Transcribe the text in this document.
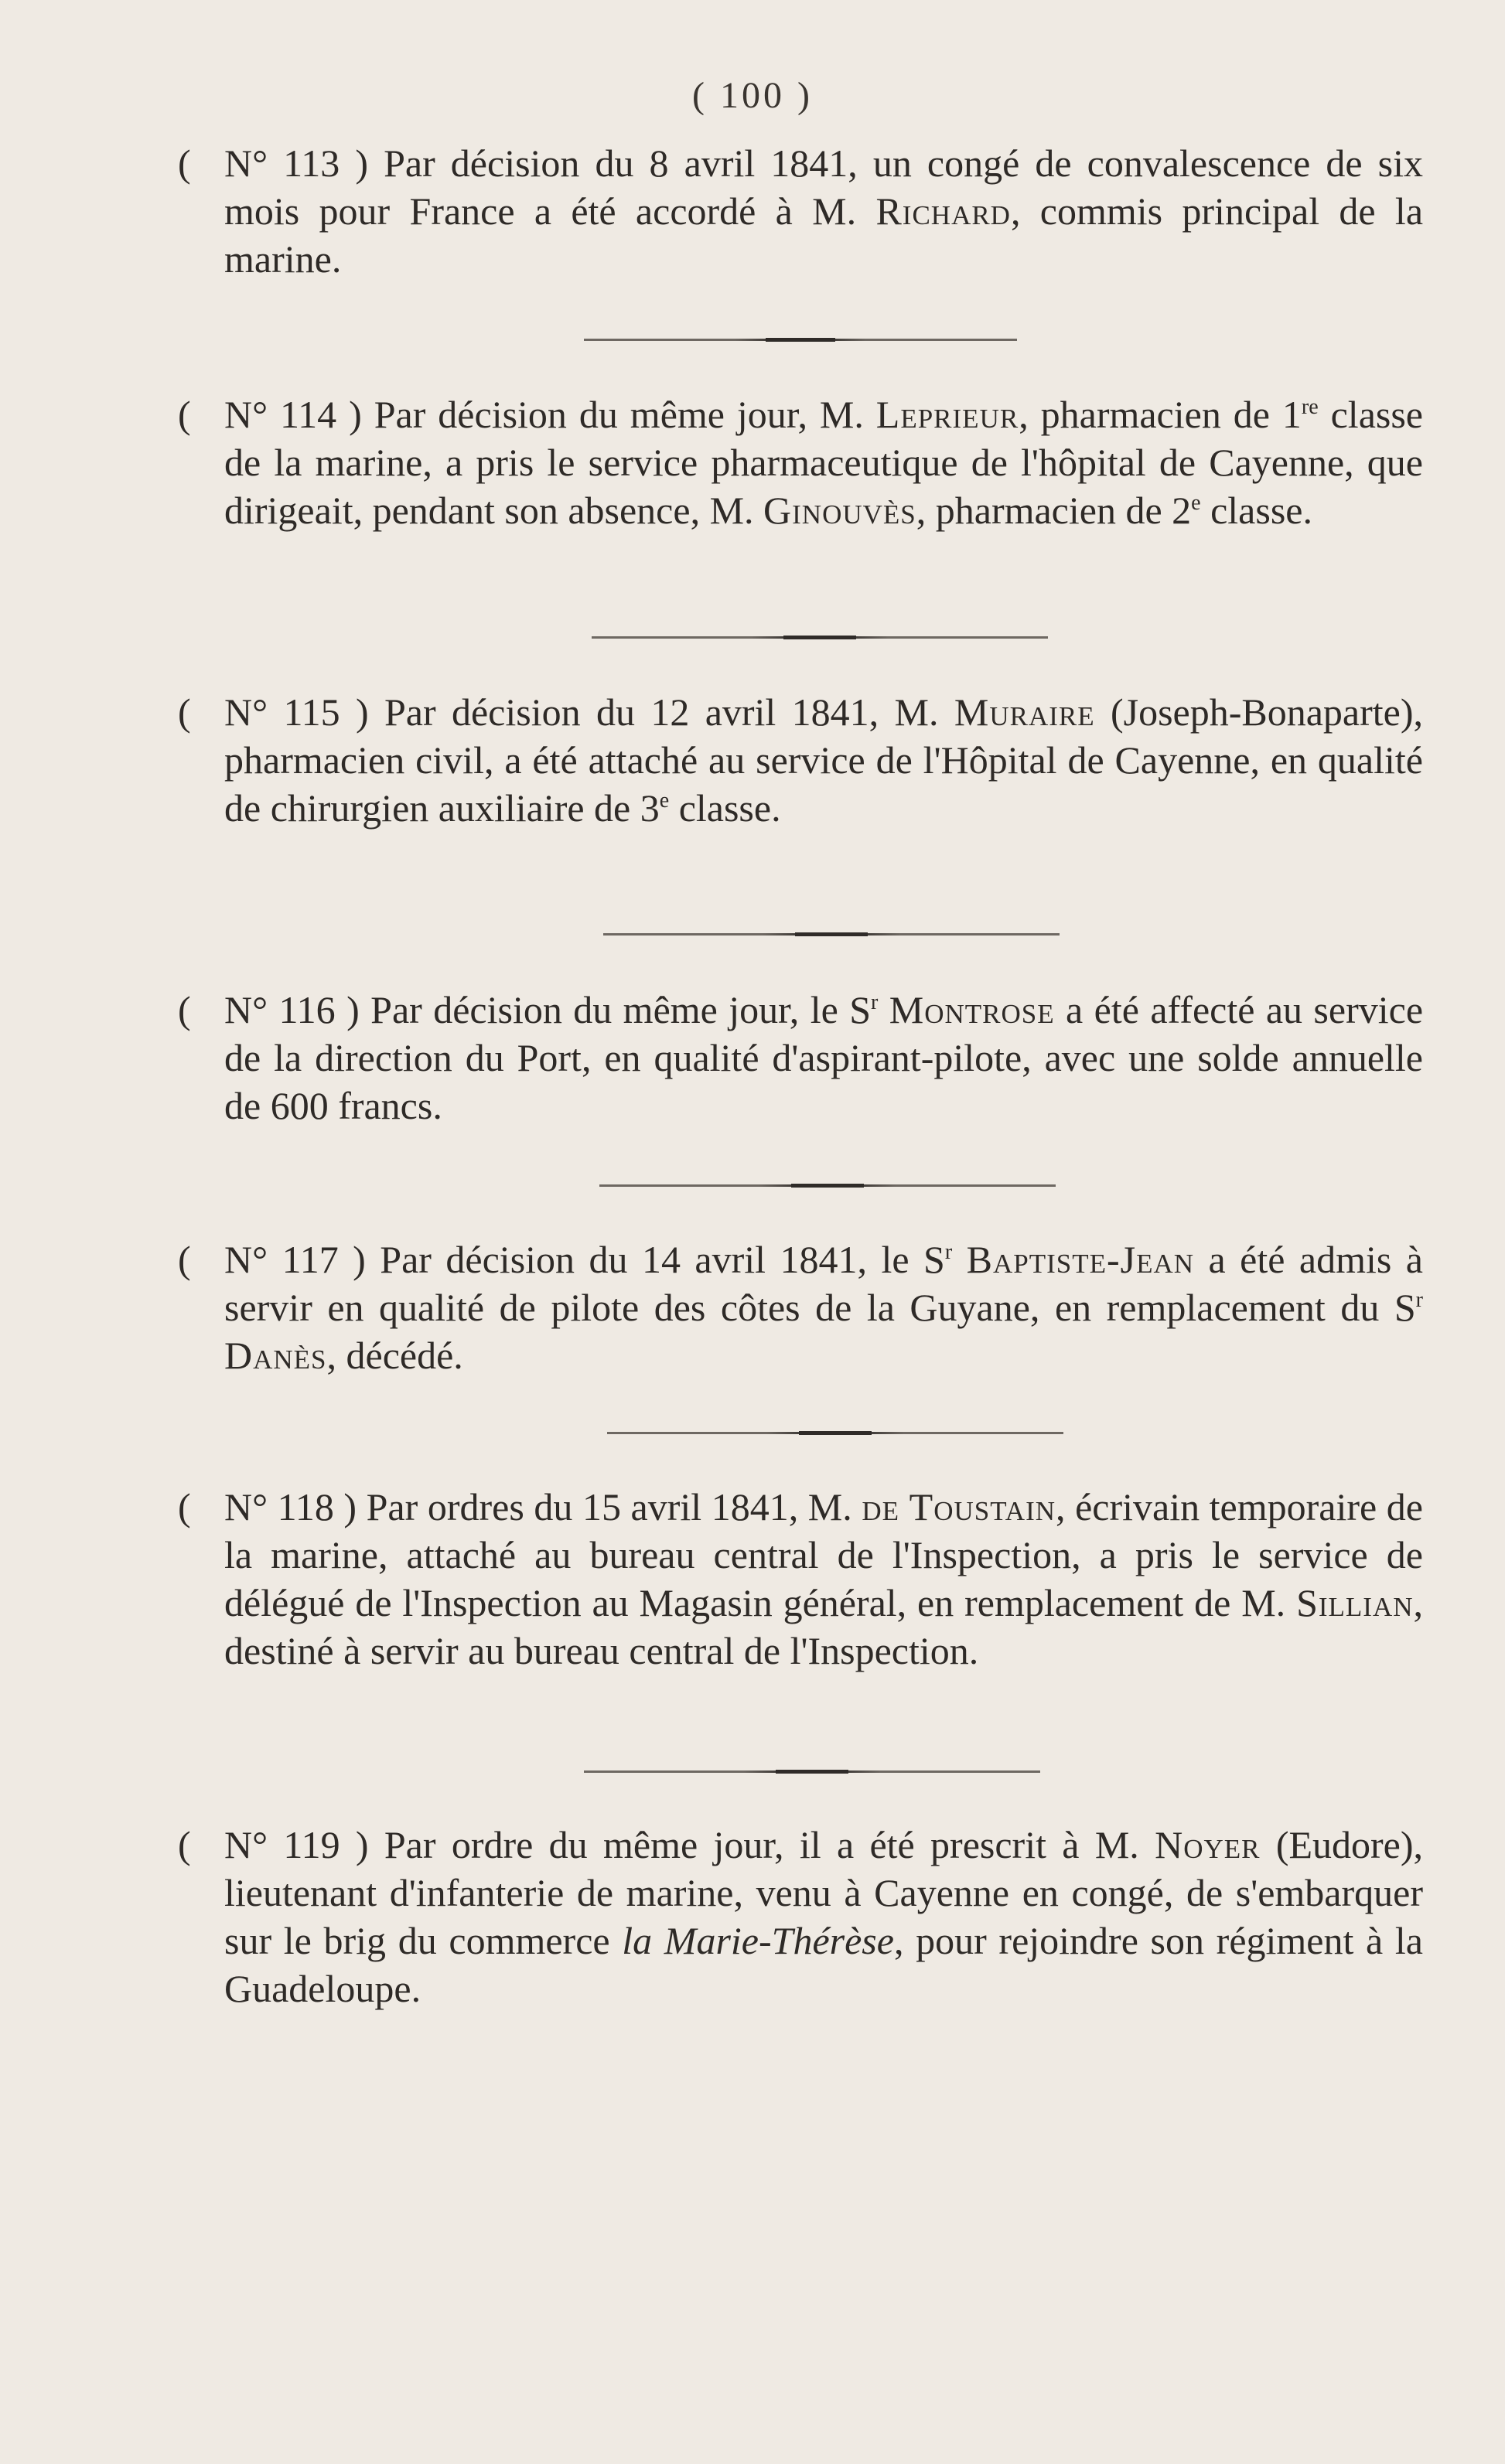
( 100 )
( N° 113 ) Par décision du 8 avril 1841, un congé de convalescence de six mois pour France a été accordé à M. Richard, commis principal de la marine.
( N° 114 ) Par décision du même jour, M. Leprieur, pharmacien de 1re classe de la marine, a pris le service pharmaceutique de l'hôpital de Cayenne, que dirigeait, pendant son absence, M. Ginouvès, pharmacien de 2e classe.
( N° 115 ) Par décision du 12 avril 1841, M. Muraire (Joseph-Bonaparte), pharmacien civil, a été attaché au service de l'Hôpital de Cayenne, en qualité de chirurgien auxiliaire de 3e classe.
( N° 116 ) Par décision du même jour, le $S^r$ Montrose a été affecté au service de la direction du Port, en qualité d'aspirant-pilote, avec une solde annuelle de 600 francs.
( N° 117 ) Par décision du 14 avril 1841, le $S^r$ Baptiste-Jean a été admis à servir en qualité de pilote des côtes de la Guyane, en remplacement du $S^r$ Danès, décédé.
( N° 118 ) Par ordres du 15 avril 1841, M. de Toustain, écrivain temporaire de la marine, attaché au bureau central de l'Inspection, a pris le service de délégué de l'Inspection au Magasin général, en remplacement de M. Sillian, destiné à servir au bureau central de l'Inspection.
( N° 119 ) Par ordre du même jour, il a été prescrit à M. Noyer (Eudore), lieutenant d'infanterie de marine, venu à Cayenne en congé, de s'embarquer sur le brig du commerce la Marie-Thérèse, pour rejoindre son régiment à la Guadeloupe.
